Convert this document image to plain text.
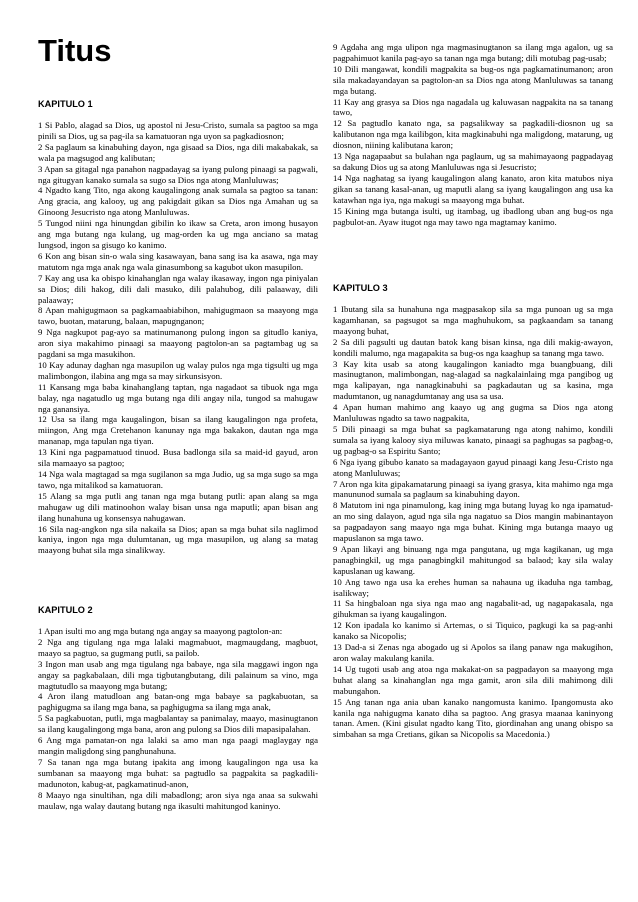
Titus
KAPITULO 1

1 Si Pablo, alagad sa Dios, ug apostol ni Jesu-Cristo, sumala sa pagtoo sa mga pinili sa Dios, ug sa pag-ila sa kamatuoran nga uyon sa pagkadiosnon;

2 Sa paglaum sa kinabuhing dayon, nga gisaad sa Dios, nga dili makabakak, sa wala pa magsugod ang kalibutan;

3 Apan sa gitagal nga panahon nagpadayag sa iyang pulong pinaagi sa pagwali, nga gitugyan kanako sumala sa sugo sa Dios nga atong Manluluwas;

4 Ngadto kang Tito, nga akong kaugalingong anak sumala sa pagtoo sa tanan: Ang gracia, ang kalooy, ug ang pakigdait gikan sa Dios nga Amahan ug sa Ginoong Jesucristo nga atong Manluluwas.

5 Tungod niini nga hinungdan gibilin ko ikaw sa Creta, aron imong husayon ang mga butang nga kulang, ug mag-orden ka ug mga anciano sa matag lungsod, ingon sa gisugo ko kanimo.

6 Kon ang bisan sin-o wala sing kasawayan, bana sang isa ka asawa, nga may matutom nga mga anak nga wala ginasumbong sa kagubot ukon masupilon.

7 Kay ang usa ka obispo kinahanglan nga walay ikasaway, ingon nga piniyalan sa Dios; dili hakog, dili dali masuko, dili palahubog, dili palaaway, dili palaaway;

8 Apan mahigugmaon sa pagkamaabiabihon, mahigugmaon sa maayong mga tawo, buotan, matarung, balaan, mapugnganon;

9 Nga nagkupot pag-ayo sa matinumanong pulong ingon sa gitudlo kaniya, aron siya makahimo pinaagi sa maayong pagtolon-an sa pagtambag ug sa pagdani sa mga masukihon.

10 Kay adunay daghan nga masupilon ug walay pulos nga mga tigsulti ug mga malimbongon, ilabina ang mga sa may sirkunsisyon.

11 Kansang mga baba kinahanglang taptan, nga nagadaot sa tibuok nga mga balay, nga nagatudlo ug mga butang nga dili angay nila, tungod sa mahugaw nga ganansiya.

12 Usa sa ilang mga kaugalingon, bisan sa ilang kaugalingon nga profeta, miingon, Ang mga Cretehanon kanunay nga mga bakakon, dautan nga mga mananap, mga tapulan nga tiyan.

13 Kini nga pagpamatuod tinuod. Busa badlonga sila sa maid-id gayud, aron sila mamaayo sa pagtoo;

14 Nga wala magtagad sa mga sugilanon sa mga Judio, ug sa mga sugo sa mga tawo, nga mitalikod sa kamatuoran.

15 Alang sa mga putli ang tanan nga mga butang putli: apan alang sa mga mahugaw ug dili matinoohon walay bisan unsa nga maputli; apan bisan ang ilang hunahuna ug konsensya nahugawan.

16 Sila nag-angkon nga sila nakaila sa Dios; apan sa mga buhat sila naglimod kaniya, ingon nga mga dulumtanan, ug mga masupilon, ug alang sa matag maayong buhat sila mga sinalikway.

KAPITULO 2

1 Apan isulti mo ang mga butang nga angay sa maayong pagtolon-an:

2 Nga ang tigulang nga mga lalaki magmabuot, magmaugdang, magbuot, maayo sa pagtuo, sa gugmang putli, sa pailob.

3 Ingon man usab ang mga tigulang nga babaye, nga sila maggawi ingon nga angay sa pagkabalaan, dili mga tigbutangbutang, dili palainum sa vino, mga magtutudlo sa maayong mga butang;

4 Aron ilang matudloan ang batan-ong mga babaye sa pagkabuotan, sa paghigugma sa ilang mga bana, sa paghigugma sa ilang mga anak,

5 Sa pagkabuotan, putli, mga magbalantay sa panimalay, maayo, masinugtanon sa ilang kaugalingong mga bana, aron ang pulong sa Dios dili mapasipalahan.

6 Ang mga pamatan-on nga lalaki sa amo man nga paagi maglaygay nga mangin maligdong sing panghunahuna.

7 Sa tanan nga mga butang ipakita ang imong kaugalingon nga usa ka sumbanan sa maayong mga buhat: sa pagtudlo sa pagpakita sa pagkadili-madunoton, kabug-at, pagkamatinud-anon,

8 Maayo nga sinultihan, nga dili mabadlong; aron siya nga anaa sa sukwahi maulaw, nga walay dautang butang nga ikasulti mahitungod kaninyo.

9 Agdaha ang mga ulipon nga magmasinugtanon sa ilang mga agalon, ug sa pagpahimuot kanila pag-ayo sa tanan nga mga butang; dili motubag pag-usab;

10 Dili mangawat, kondili magpakita sa bug-os nga pagkamatinumanon; aron sila makadayandayan sa pagtolon-an sa Dios nga atong Manluluwas sa tanang mga butang.

11 Kay ang grasya sa Dios nga nagadala ug kaluwasan nagpakita na sa tanang tawo,

12 Sa pagtudlo kanato nga, sa pagsalikway sa pagkadili-diosnon ug sa kalibutanon nga mga kailibgon, kita magkinabuhi nga maligdong, matarung, ug diosnon, niining kalibutana karon;

13 Nga nagapaabut sa bulahan nga paglaum, ug sa mahimayaong pagpadayag sa dakung Dios ug sa atong Manluluwas nga si Jesucristo;

14 Nga naghatag sa iyang kaugalingon alang kanato, aron kita matubos niya gikan sa tanang kasal-anan, ug maputli alang sa iyang kaugalingon ang usa ka katawhan nga iya, nga makugi sa maayong mga buhat.

15 Kining mga butanga isulti, ug itambag, ug ibadlong uban ang bug-os nga pagbulot-an. Ayaw itugot nga may tawo nga magtamay kanimo.

KAPITULO 3

1 Ibutang sila sa hunahuna nga magpasakop sila sa mga punoan ug sa mga kagamhanan, sa pagsugot sa mga maghuhukom, sa pagkaandam sa tanang maayong buhat,

2 Sa dili pagsulti ug dautan batok kang bisan kinsa, nga dili makig-awayon, kondili malumo, nga magapakita sa bug-os nga kaaghup sa tanang mga tawo.

3 Kay kita usab sa atong kaugalingon kaniadto mga buangbuang, dili masinugtanon, malimbongan, nag-alagad sa nagkalainlaing mga pangibog ug mga kalipayan, nga nanagkinabuhi sa pagkadautan ug sa kasina, mga madumtanon, ug nanagdumtanay ang usa sa usa.

4 Apan human mahimo ang kaayo ug ang gugma sa Dios nga atong Manluluwas ngadto sa tawo nagpakita,

5 Dili pinaagi sa mga buhat sa pagkamatarung nga atong nahimo, kondili sumala sa iyang kalooy siya miluwas kanato, pinaagi sa paghugas sa pagbag-o, ug pagbag-o sa Espiritu Santo;

6 Nga iyang gibubo kanato sa madagayaon gayud pinaagi kang Jesu-Cristo nga atong Manluluwas;

7 Aron nga kita gipakamatarung pinaagi sa iyang grasya, kita mahimo nga mga manununod sumala sa paglaum sa kinabuhing dayon.

8 Matutom ini nga pinamulong, kag ining mga butang luyag ko nga ipamatud-an mo sing dalayon, agud nga sila nga nagatuo sa Dios mangin mabinantayon sa pagpadayon sang maayo nga mga buhat. Kining mga butanga maayo ug mapuslanon sa mga tawo.

9 Apan likayi ang binuang nga mga pangutana, ug mga kagikanan, ug mga panagbingkil, ug mga panagbingkil mahitungod sa balaod; kay sila walay kapuslanan ug kawang.

10 Ang tawo nga usa ka erehes human sa nahauna ug ikaduha nga tambag, isalikway;

11 Sa hingbaloan nga siya nga mao ang nagabalit-ad, ug nagapakasala, nga gihukman sa iyang kaugalingon.

12 Kon ipadala ko kanimo si Artemas, o si Tiquico, pagkugi ka sa pag-anhi kanako sa Nicopolis;

13 Dad-a si Zenas nga abogado ug si Apolos sa ilang panaw nga makugihon, aron walay makulang kanila.

14 Ug tugoti usab ang atoa nga makakat-on sa pagpadayon sa maayong mga buhat alang sa kinahanglan nga mga gamit, aron sila dili mahimong dili mabungahon.

15 Ang tanan nga ania uban kanako nangomusta kanimo. Ipangomusta ako kanila nga nahigugma kanato diha sa pagtoo. Ang grasya maanaa kaninyong tanan. Amen. (Kini gisulat ngadto kang Tito, giordinahan ang unang obispo sa simbahan sa mga Cretians, gikan sa Nicopolis sa Macedonia.)
